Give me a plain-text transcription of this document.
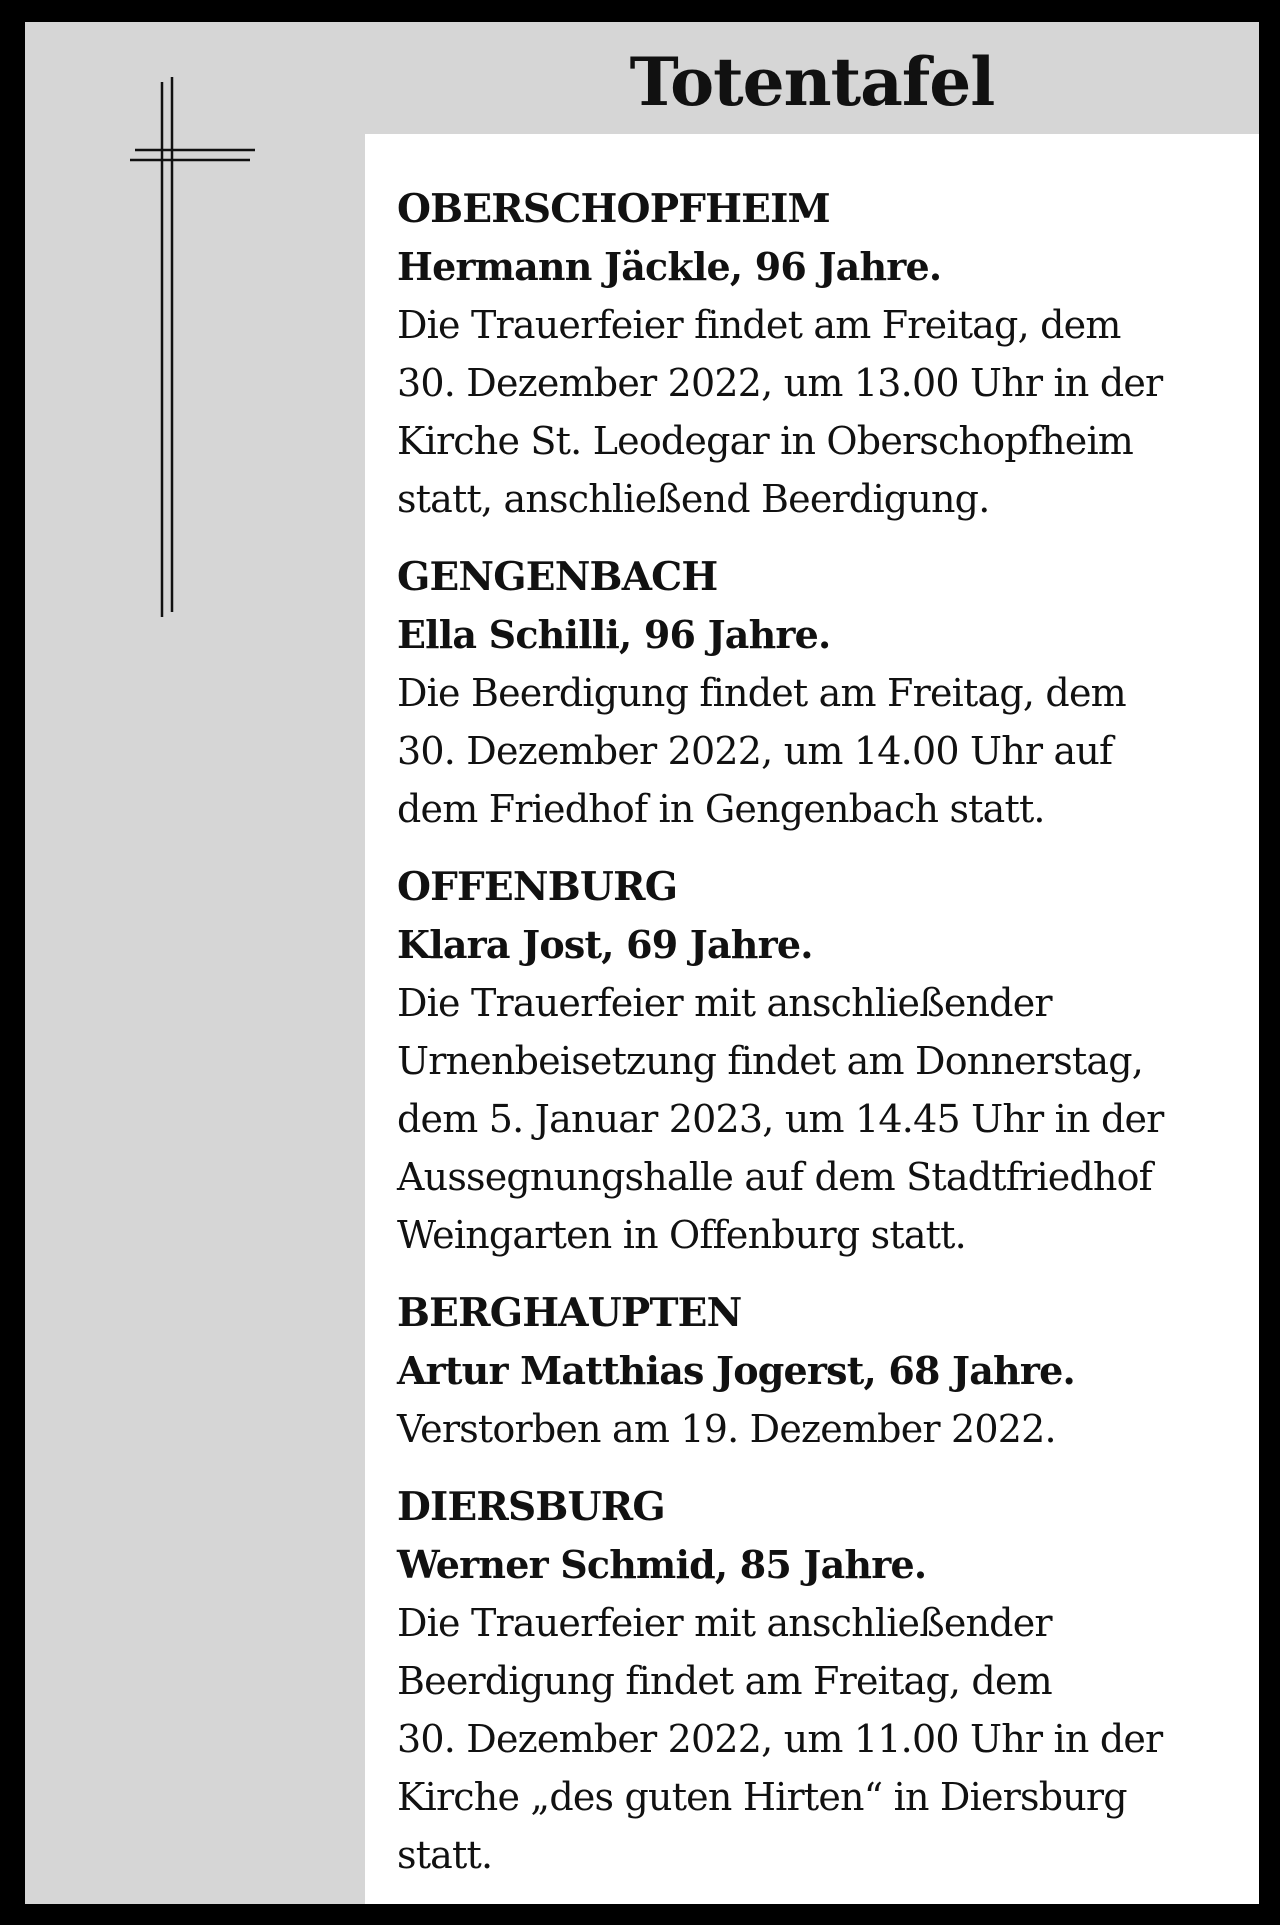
Totentafel

OBERSCHOPFHEIM

Hermann Jäckle, 96 Jahre.

Die Trauerfeier findet am Freitag, dem
30. Dezember 2022, um 13.00 Uhr in der
Kirche St. Leodegar in Oberschopfheim
statt, anschließend Beerdigung.

GENGENBACH

Ella Schilli, 96 Jahre.

Die Beerdigung findet am Freitag, dem
30. Dezember 2022, um 14.00 Uhr auf
dem Friedhof in Gengenbach statt.

OFFENBURG

Klara Jost, 69 Jahre.

Die Trauerfeier mit anschließender
Urnenbeisetzung findet am Donnerstag,
dem 5. Januar 2023, um 14.45 Uhr in der
Aussegnungshalle auf dem Stadtfriedhof
Weingarten in Offenburg statt.

BERGHAUPTEN

Artur Matthias Jogerst, 68 Jahre.

Verstorben am 19. Dezember 2022.

DIERSBURG

Werner Schmid, 85 Jahre.

Die Trauerfeier mit anschließender
Beerdigung findet am Freitag, dem
30. Dezember 2022, um 11.00 Uhr in der
Kirche „des guten Hirten“ in Diersburg
statt.
